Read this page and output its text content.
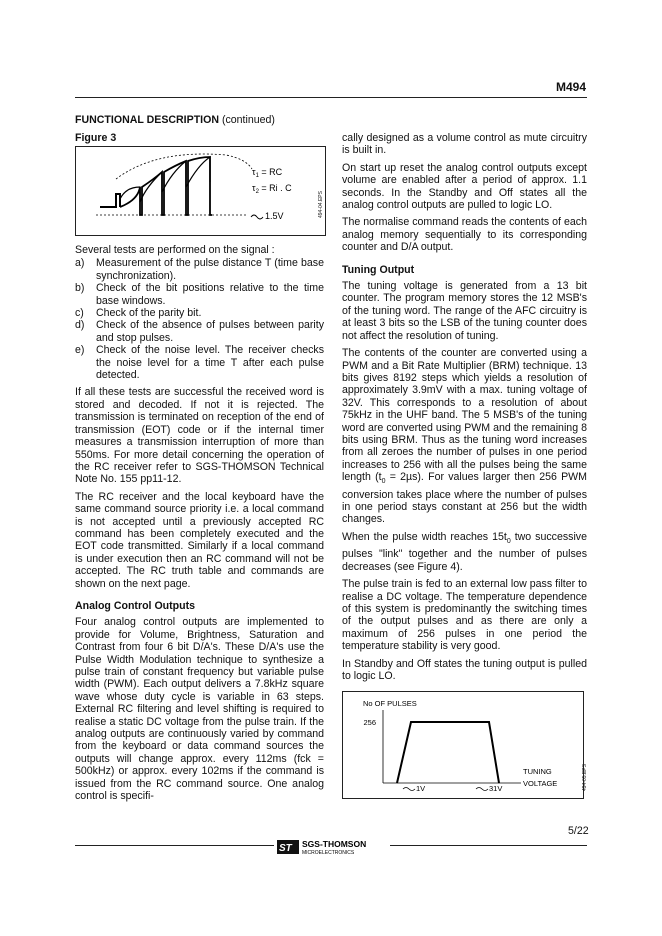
M494
FUNCTIONAL DESCRIPTION (continued)
Figure 3
$\tau_1$ = RC
$\tau_2 = Ri$ . C
1.5V	494-04.EPS

Several tests are performed on the signal :

a) Measurement of the pulse distance T (time base synchronization).
b) Check of the bit positions relative to the time base windows.
c) Check of the parity bit.
d) Check of the absence of pulses between parity and stop pulses.
e) Check of the noise level. The receiver checks the noise level for a time T after each pulse detected.

If all these tests are successful the received word is stored and decoded. If not it is rejected. The transmission is terminated on reception of the end of transmission (EOT) code or if the internal timer measures a transmission interruption of more than 550ms. For more detail concerning the operation of the RC receiver refer to SGS-THOMSON Technical Note No. 155 pp11-12.

The RC receiver and the local keyboard have the same command source priority i.e. a local command is not accepted until a previously accepted RC command has been completely executed and the EOT code transmitted. Similarly if a local command is under execution then an RC command will not be accepted. The RC truth table and commands are shown on the next page.

Analog Control Outputs

Four analog control outputs are implemented to provide for Volume, Brightness, Saturation and Contrast from four 6 bit D/A's. These D/A's use the Pulse Width Modulation technique to synthesize a pulse train of constant frequency but variable pulse width (PWM). Each output delivers a 7.8kHz square wave whose duty cycle is variable in 63 steps. External RC filtering and level shifting is required to realise a static DC voltage from the pulse train. If the analog outputs are continuously varied by command from the keyboard or data command sources the outputs will change approx. every 112ms (fck = 500kHz) or approx. every 102ms if the command is issued from the RC command source. One analog control is specifi-

cally designed as a volume control as mute circuitry is built in.

On start up reset the analog control outputs except volume are enabled after a period of approx. 1.1 seconds. In the Standby and Off states all the analog control outputs are pulled to logic LO.

The normalise command reads the contents of each analog memory sequentially to its corresponding counter and D/A output.

Tuning Output

The tuning voltage is generated from a 13 bit counter. The program memory stores the 12 MSB's of the tuning word. The range of the AFC circuitry is at least 3 bits so the LSB of the tuning counter does not affect the resolution of tuning.

The contents of the counter are converted using a PWM and a Bit Rate Multiplier (BRM) technique. 13 bits gives 8192 steps which yields a resolution of approximately 3.9mV with a max. tuning voltage of 32V. This corresponds to a resolution of about 75kHz in the UHF band. The 5 MSB's of the tuning word are converted using PWM and the remaining 8 bits using BRM. Thus as the tuning word increases from all zeroes the number of pulses in one period increases to 256 with all the pulses being the same length $(t_0 = 2\mu s)$. For values larger then 256 PWM conversion takes place where the number of pulses in one period stays constant at 256 but the width changes.

When the pulse width reaches $15t_0$ two successive pulses "link" together and the number of pulses decreases (see Figure 4).

The pulse train is fed to an external low pass filter to realise a DC voltage. The temperature dependence of this system is predominantly the switching times of the output pulses and as there are only a maximum of 256 pulses in one period the temperature stability is very good.

In Standby and Off states the tuning output is pulled to logic LO.

No OF PULSES
256
1V	31V
TUNING
VOLTAGE	494-05.EPS
5/22
ST SGS-THOMSON
MICROELECTRONICS
